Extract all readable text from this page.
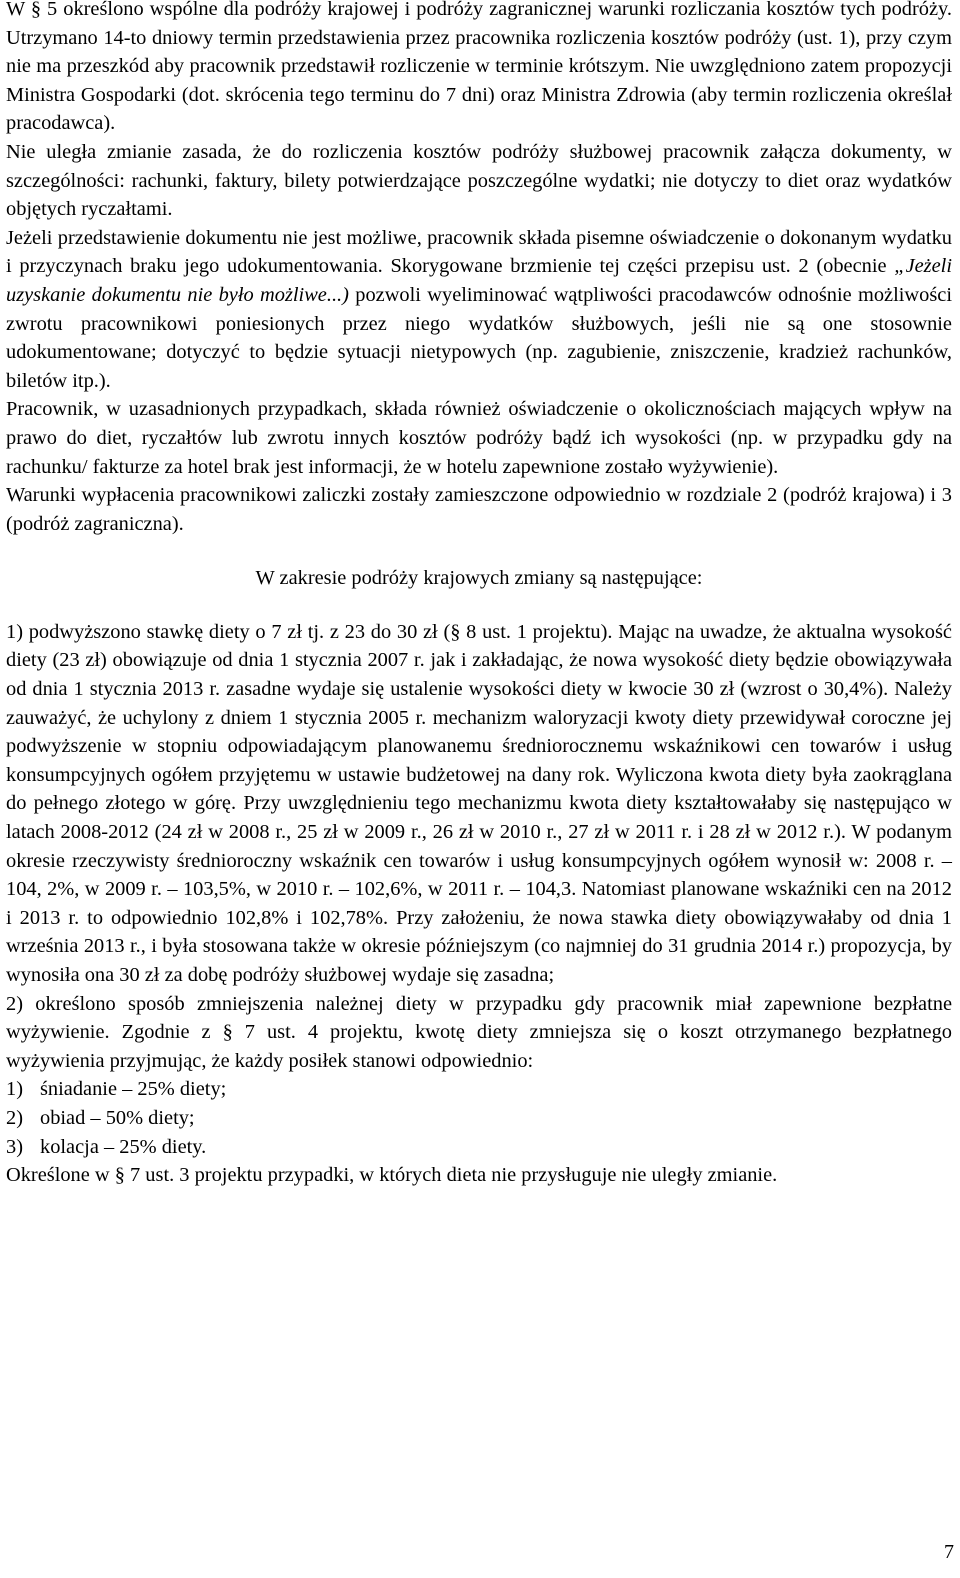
W § 5 określono wspólne dla podróży krajowej i podróży zagranicznej warunki rozliczania kosztów tych podróży. Utrzymano 14-to dniowy termin przedstawienia przez pracownika rozliczenia kosztów podróży (ust. 1), przy czym nie ma przeszkód aby pracownik przedstawił rozliczenie w terminie krótszym. Nie uwzględniono zatem propozycji Ministra Gospodarki (dot. skrócenia tego terminu do 7 dni) oraz Ministra Zdrowia (aby termin rozliczenia określał pracodawca).

Nie uległa zmianie zasada, że do rozliczenia kosztów podróży służbowej pracownik załącza dokumenty, w szczególności: rachunki, faktury, bilety potwierdzające poszczególne wydatki; nie dotyczy to diet oraz wydatków objętych ryczałtami.

Jeżeli przedstawienie dokumentu nie jest możliwe, pracownik składa pisemne oświadczenie o dokonanym wydatku i przyczynach braku jego udokumentowania. Skorygowane brzmienie tej części przepisu ust. 2 (obecnie „Jeżeli uzyskanie dokumentu nie było możliwe...) pozwoli wyeliminować wątpliwości pracodawców odnośnie możliwości zwrotu pracownikowi poniesionych przez niego wydatków służbowych, jeśli nie są one stosownie udokumentowane; dotyczyć to będzie sytuacji nietypowych (np. zagubienie, zniszczenie, kradzież rachunków, biletów itp.).

Pracownik, w uzasadnionych przypadkach, składa również oświadczenie o okolicznościach mających wpływ na prawo do diet, ryczałtów lub zwrotu innych kosztów podróży bądź ich wysokości (np. w przypadku gdy na rachunku/ fakturze za hotel brak jest informacji, że w hotelu zapewnione zostało wyżywienie).

Warunki wypłacenia pracownikowi zaliczki zostały zamieszczone odpowiednio w rozdziale 2 (podróż krajowa) i 3 (podróż zagraniczna).

W zakresie podróży krajowych zmiany są następujące:

1) podwyższono stawkę diety o 7 zł tj. z 23 do 30 zł (§ 8 ust. 1 projektu). Mając na uwadze, że aktualna wysokość diety (23 zł) obowiązuje od dnia 1 stycznia 2007 r. jak i zakładając, że nowa wysokość diety będzie obowiązywała od dnia 1 stycznia 2013 r. zasadne wydaje się ustalenie wysokości diety w kwocie 30 zł (wzrost o 30,4%). Należy zauważyć, że uchylony z dniem 1 stycznia 2005 r. mechanizm waloryzacji kwoty diety przewidywał coroczne jej podwyższenie w stopniu odpowiadającym planowanemu średniorocznemu wskaźnikowi cen towarów i usług konsumpcyjnych ogółem przyjętemu w ustawie budżetowej na dany rok. Wyliczona kwota diety była zaokrąglana do pełnego złotego w górę. Przy uwzględnieniu tego mechanizmu kwota diety kształtowałaby się następująco w latach 2008-2012 (24 zł w 2008 r., 25 zł w 2009 r., 26 zł w 2010 r., 27 zł w 2011 r. i 28 zł w 2012 r.). W podanym okresie rzeczywisty średnioroczny wskaźnik cen towarów i usług konsumpcyjnych ogółem wynosił w: 2008 r. – 104, 2%, w 2009 r. – 103,5%, w 2010 r. – 102,6%, w 2011 r. – 104,3. Natomiast planowane wskaźniki cen na 2012 i 2013 r. to odpowiednio 102,8% i 102,78%. Przy założeniu, że nowa stawka diety obowiązywałaby od dnia 1 września 2013 r., i była stosowana także w okresie późniejszym (co najmniej do 31 grudnia 2014 r.) propozycja, by wynosiła ona 30 zł za dobę podróży służbowej wydaje się zasadna;

2) określono sposób zmniejszenia należnej diety w przypadku gdy pracownik miał zapewnione bezpłatne wyżywienie. Zgodnie z § 7 ust. 4 projektu, kwotę diety zmniejsza się o koszt otrzymanego bezpłatnego wyżywienia przyjmując, że każdy posiłek stanowi odpowiednio:

1) śniadanie – 25% diety;

2) obiad – 50% diety;

3) kolacja – 25% diety.

Określone w § 7 ust. 3 projektu przypadki, w których dieta nie przysługuje nie uległy zmianie.

7
